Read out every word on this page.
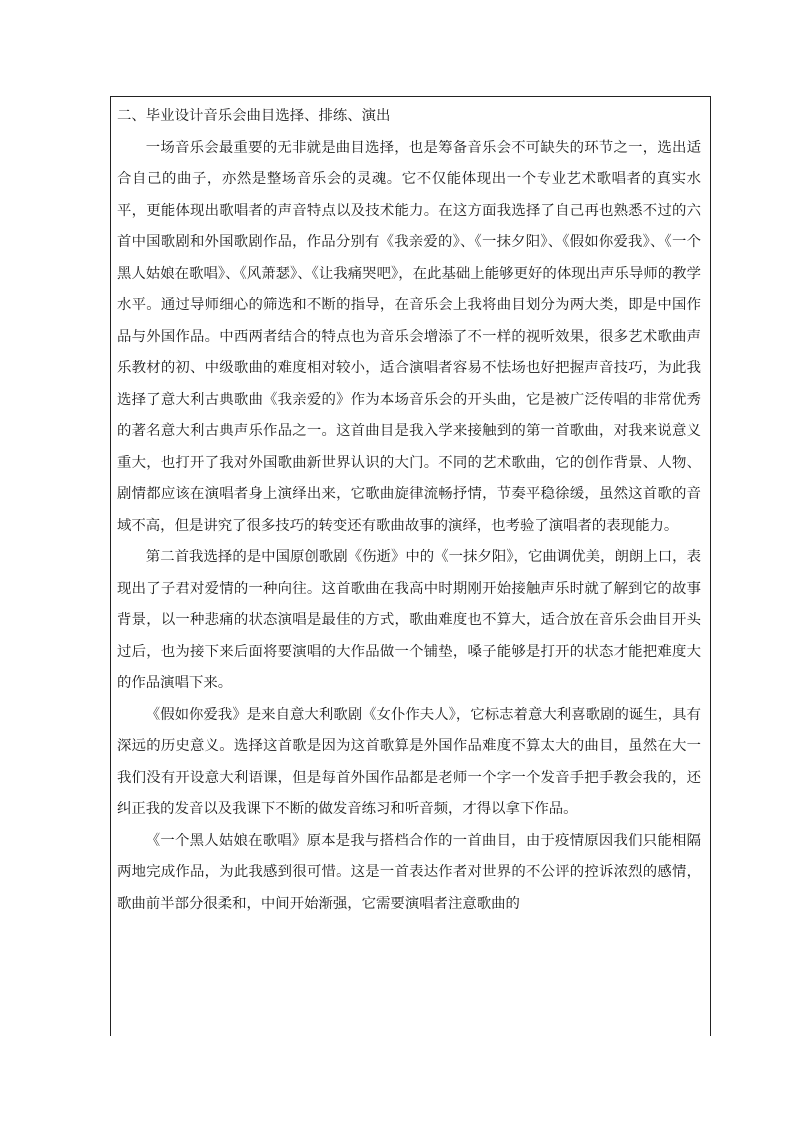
二、毕业设计音乐会曲目选择、排练、演出

一场音乐会最重要的无非就是曲目选择，也是筹备音乐会不可缺失的环节之一，选出适合自己的曲子，亦然是整场音乐会的灵魂。它不仅能体现出一个专业艺术歌唱者的真实水平，更能体现出歌唱者的声音特点以及技术能力。在这方面我选择了自己再也熟悉不过的六首中国歌剧和外国歌剧作品，作品分别有《我亲爱的》、《一抹夕阳》、《假如你爱我》、《一个黑人姑娘在歌唱》、《风萧瑟》、《让我痛哭吧》，在此基础上能够更好的体现出声乐导师的教学水平。通过导师细心的筛选和不断的指导，在音乐会上我将曲目划分为两大类，即是中国作品与外国作品。中西两者结合的特点也为音乐会增添了不一样的视听效果，很多艺术歌曲声乐教材的初、中级歌曲的难度相对较小，适合演唱者容易不怯场也好把握声音技巧，为此我选择了意大利古典歌曲《我亲爱的》作为本场音乐会的开头曲，它是被广泛传唱的非常优秀的著名意大利古典声乐作品之一。这首曲目是我入学来接触到的第一首歌曲，对我来说意义重大，也打开了我对外国歌曲新世界认识的大门。不同的艺术歌曲，它的创作背景、人物、剧情都应该在演唱者身上演绎出来，它歌曲旋律流畅抒情，节奏平稳徐缓，虽然这首歌的音域不高，但是讲究了很多技巧的转变还有歌曲故事的演绎，也考验了演唱者的表现能力。

第二首我选择的是中国原创歌剧《伤逝》中的《一抹夕阳》，它曲调优美，朗朗上口，表现出了子君对爱情的一种向往。这首歌曲在我高中时期刚开始接触声乐时就了解到它的故事背景，以一种悲痛的状态演唱是最佳的方式，歌曲难度也不算大，适合放在音乐会曲目开头过后，也为接下来后面将要演唱的大作品做一个铺垫，嗓子能够是打开的状态才能把难度大的作品演唱下来。

《假如你爱我》是来自意大利歌剧《女仆作夫人》，它标志着意大利喜歌剧的诞生，具有深远的历史意义。选择这首歌是因为这首歌算是外国作品难度不算太大的曲目，虽然在大一我们没有开设意大利语课，但是每首外国作品都是老师一个字一个发音手把手教会我的，还纠正我的发音以及我课下不断的做发音练习和听音频，才得以拿下作品。

《一个黑人姑娘在歌唱》原本是我与搭档合作的一首曲目，由于疫情原因我们只能相隔两地完成作品，为此我感到很可惜。这是一首表达作者对世界的不公评的控诉浓烈的感情，歌曲前半部分很柔和，中间开始渐强，它需要演唱者注意歌曲的
